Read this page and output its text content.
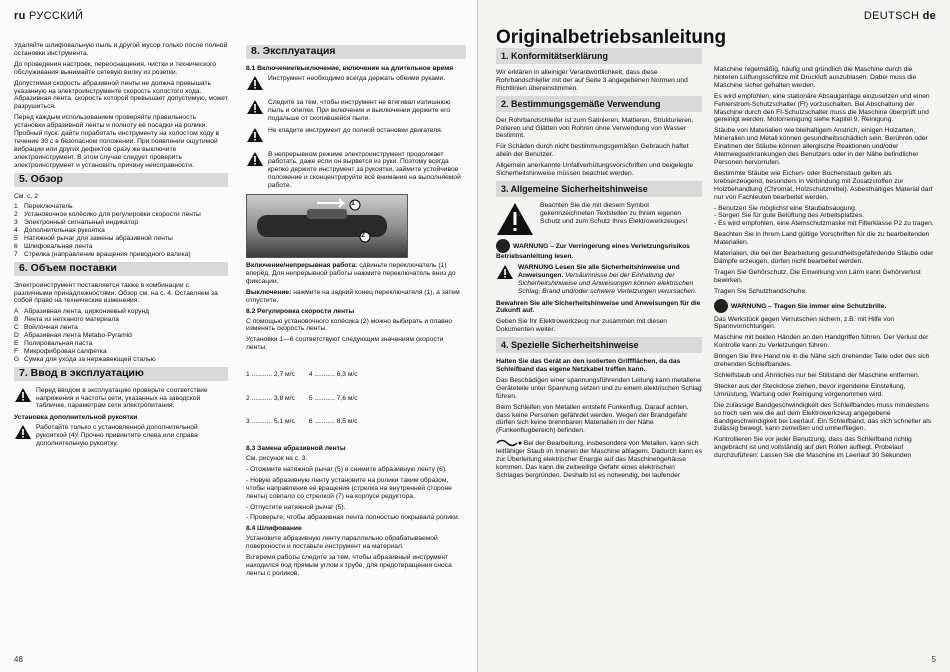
ru РУССКИЙ

Удаляйте шлифовальную пыль и другой мусор только после полной остановки инструмента.

До проведения настроек, переоснащения, чистки и технического обслуживания вынимайте сетевую вилку из розетки.

Допустимая скорость абразивной ленты не должна превышать указанную на электроинструменте скорость холостого хода. Абразивная лента, скорость которой превышает допустимую, может разрушиться.

Перед каждым использованием проверяйте правильность установки абразивной ленты и полноту её посадки на ролики. Пробный пуск: дайте поработать инструменту на холостом ходу в течение 30 с в безопасном положении. При появлении ощутимой вибрации или других дефектов сразу же выключите электроинструмент. В этом случае следует проверить электроинструмент и установить причину неисправности.

5. Обзор

См. с. 2

1 Переключатель
2 Установочное колёсико для регулировки скорости ленты
3 Электронный сигнальный индикатор
4 Дополнительная рукоятка
5 Натяжной рычаг для замены абразивной ленты
6 Шлифовальная лента
7 Стрелка (направление вращения приводного валика)
6. Объем поставки

Электроинструмент поставляется также в комбинации с различными принадлежностями. Обзор см. на с. 4. Оставляем за собой право на технические изменения.

A Абразивная лента, циркониевый корунд
B Лента из нетканого материала
C Войлочная лента
D Абразивная лента Metabo-Pyramid
E Полировальная паста
F Микрофибровая салфетка
G Сумка для ухода за нержавеющей сталью
7. Ввод в эксплуатацию
Перед вводом в эксплуатацию проверьте соответствие напряжения и частоты сети, указанных на заводской табличке, параметрам сети электропитания.
Установка дополнительной рукоятки
Работайте только с установленной дополнительной рукояткой (4)! Прочно привинтите слева или справа дополнительную рукоятку.
8. Эксплуатация
8.1 Включение/выключение, включение на длительное время
Инструмент необходимо всегда держать обеими руками.
Следите за тем, чтобы инструмент не втягивал излишнюю пыль и опилки. При включении и выключении держите его подальше от скопившейся пыли.
Не кладите инструмент до полной остановки двигателя.
В непрерывном режиме электроинструмент продолжает работать, даже если он вырвется из руки. Поэтому всегда крепко держите инструмент за рукоятки, займите устойчивое положение и сконцентрируйте всё внимание на выполняемой работе.
1
2

Включение/непрерывная работа: сдвиньте переключатель (1) вперёд. Для непрерывной работы нажмите переключатель вниз до фиксации.

Выключение: нажмите на задний конец переключателя (1), а затем отпустите.

8.2 Регулировка скорости ленты

С помощью установочного колёсика (2) можно выбирать и плавно изменять скорость ленты.

Установки 1—6 соответствуют следующим значениям скорости ленты:

1 ........... 2,7 м/с

2 ........... 3,8 м/с

3 ........... 5,1 м/с

4 ........... 6,3 м/с

5 ........... 7,6 м/с

6 ........... 8,5 м/с

8.3 Замена абразивной ленты

См. рисунок на с. 3.

- Отожмите натяжной рычаг (5) и снимите абразивную ленту (6).

- Новую абразивную ленту установите на ролики таким образом, чтобы направление её вращения (стрелка на внутренней стороне ленты) совпало со стрелкой (7) на корпусе редуктора.

- Отпустите натяжной рычаг (5).

- Проверьте, чтобы абразивная лента полностью покрывала ролики.

8.4 Шлифование

Установите абразивную ленту параллельно обрабатываемой поверхности и поставьте инструмент на материал.

Во время работы следите за тем, чтобы абразивный инструмент находился под прямым углом к трубе, для предотвращения сноса ленты с роликов.

48
DEUTSCH de
Originalbetriebsanleitung
1. Konformitätserklärung

Wir erklären in alleiniger Verantwortlichkeit, dass diese Rohrbandschleifer mit der auf Seite 3 angegebenen Normen und Richtlinien übereinstimmen.

2. Bestimmungsgemäße Verwendung

Der Rohrbandschleifer ist zum Satinieren, Mattieren, Strukturieren, Polieren und Glätten von Rohren ohne Verwendung von Wasser bestimmt.

Für Schäden durch nicht bestimmungsgemäßen Gebrauch haftet allein der Benutzer.

Allgemein anerkannte Unfallverhütungsvorschriften und beigelegte Sicherheitshinweise müssen beachtet werden.

3. Allgemeine Sicherheitshinweise

Beachten Sie die mit diesem Symbol gekennzeichneten Textstellen zu Ihrem eigenen Schutz und zum Schutz Ihres Elektrowerkzeuges!

WARNUNG – Zur Verringerung eines Verletzungsrisikos Betriebsanleitung lesen.

WARNUNG Lesen Sie alle Sicherheitshinweise und Anweisungen. Versäumnisse bei der Einhaltung der Sicherheitshinweise und Anweisungen können elektrischen Schlag, Brand und/oder schwere Verletzungen verursachen.

Bewahren Sie alle Sicherheitshinweise und Anweisungen für die Zukunft auf.

Geben Sie Ihr Elektrowerkzeug nur zusammen mit diesen Dokumenten weiter.

4. Spezielle Sicherheitshinweise

Halten Sie das Gerät an den isolierten Griffflächen, da das Schleifband das eigene Netzkabel treffen kann.

Das Beschädigen einer spannungsführenden Leitung kann metallene Geräteteile unter Spannung setzen und zu einem elektrischen Schlag führen.

Beim Schleifen von Metallen entsteht Funkenflug. Darauf achten, dass keine Personen gefährdet werden. Wegen der Brandgefahr dürfen sich keine brennbaren Materialien in der Nähe (Funkenflugbereich) befinden.

Bei der Bearbeitung, insbesondere von Metallen, kann sich leitfähiger Staub im Inneren der Maschine ablagern. Dadurch kann es zur Überleitung elektrischer Energie auf das Maschinengehäuse kommen. Das kann die zeitweilige Gefahr eines elektrischen Schlages bergründen. Deshalb ist es notwendig, bei laufender

Maschine regelmäßig, häufig und gründlich die Maschine durch die hinteren Lüftungsschlitze mit Druckluft auszublasen. Dabei muss die Maschine sicher gehalten werden.

Es wird empfohlen, eine stationäre Absauganlage einzusetzen und einen Fehlerstrom-Schutzschalter (FI) vorzuschalten. Bei Abschaltung der Maschine durch den FI-Schutzschalter muss die Maschine überprüft und gereinigt werden. Motorreinigung siehe Kapitel 9. Reinigung.

Stäube von Materialien wie bleihaltigem Anstrich, einigen Holzarten, Mineralien und Metall können gesundheitsschädlich sein. Berühren oder Einatmen der Stäube können allergische Reaktionen und/oder Atemwegserkrankungen des Benutzers oder in der Nähe befindlicher Personen hervorrufen.

Bestimmte Stäube wie Eichen- oder Buchenstaub gelten als krebserzeugend, besonders in Verbindung mit Zusatzstoffen zur Holzbehandlung (Chromat, Holzschutzmittel). Asbesthaltiges Material darf nur von Fachleuten bearbeitet werden.

- Benutzen Sie möglichst eine Staubabsaugung.
- Sorgen Sie für gute Belüftung des Arbeitsplatzes.
- Es wird empfohlen, eine Atemschutzmaske mit Filterklasse P2 zu tragen.

Beachten Sie in Ihrem Land gültige Vorschriften für die zu bearbeitenden Materialien.

Materialien, die bei der Bearbeitung gesundheitsgefährdende Stäube oder Dämpfe erzeugen, dürfen nicht bearbeitet werden.

Tragen Sie Gehörschutz. Die Einwirkung von Lärm kann Gehörverlust bewirken.

Tragen Sie Schutzhandschuhe.

WARNUNG – Tragen Sie immer eine Schutzbrille.

Das Werkstück gegen Verrutschen sichern, z.B. mit Hilfe von Spannvorrichtungen.

Maschine mit beiden Händen an den Handgriffen führen. Der Verlust der Kontrolle kann zu Verletzungen führen.

Bringen Sie Ihre Hand nie in die Nähe sich drehender Teile oder des sich drehenden Schleifbandes.

Schleifstaub und Ähnliches nur bei Stillstand der Maschine entfernen.

Stecker aus der Steckdose ziehen, bevor irgendeine Einstellung, Umrüstung, Wartung oder Reinigung vorgenommen wird.

Die zulässige Bandgeschwindigkeit des Schleifbandes muss mindestens so hoch sein wie die auf dem Elektrowerkzeug angegebene Bandgeschwindigkeit bei Leerlauf. Ein Schleifband, das sich schneller als zulässig bewegt, kann zerreißen und umherfliegen.

Kontrollieren Sie vor jeder Benutzung, dass das Schleifband richtig angebracht ist und vollständig auf den Rollen aufliegt. Probelauf durchzuführen: Lassen Sie die Maschine im Leerlauf 30 Sekunden

5
